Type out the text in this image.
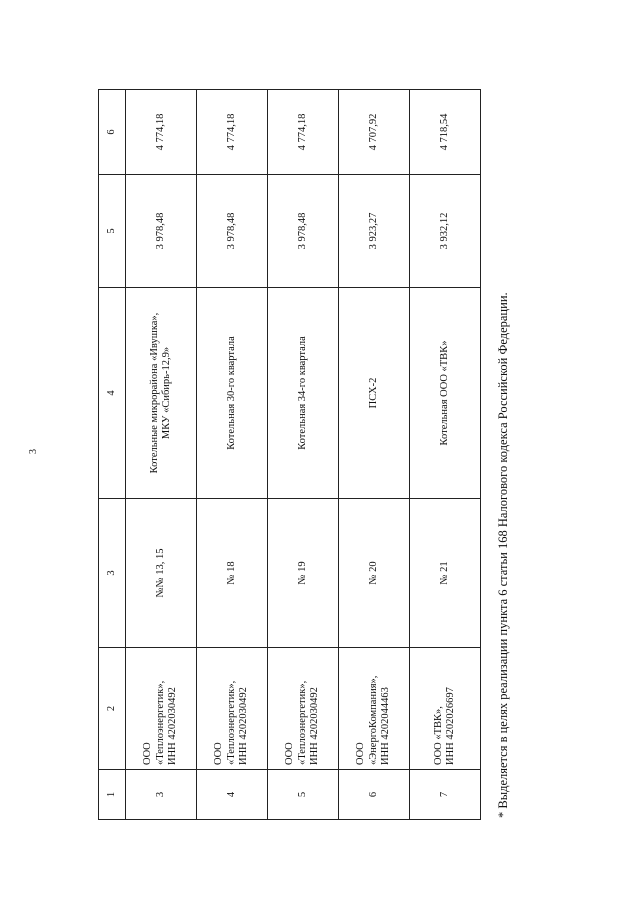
3
1	2	3	4	5	6
3	ООО
«Теплоэнергетик»,
ИНН 4202030492	№№ 13, 15	Котельные микрорайона «Ивушка»,
МКУ «Сибирь-12,9»	3 978,48	4 774,18
4	ООО
«Теплоэнергетик»,
ИНН 4202030492	№ 18	Котельная 30-го квартала	3 978,48	4 774,18
5	ООО
«Теплоэнергетик»,
ИНН 4202030492	№ 19	Котельная 34-го квартала	3 978,48	4 774,18
6	ООО
«ЭнергоКомпания»,
ИНН 4202044463	№ 20	ПСХ-2	3 923,27	4 707,92
7	ООО «ТВК»,
ИНН 4202026697	№ 21	Котельная ООО «ТВК»	3 932,12	4 718,54
* Выделяется в целях реализации пункта 6 статьи 168 Налогового кодекса Российской Федерации.
